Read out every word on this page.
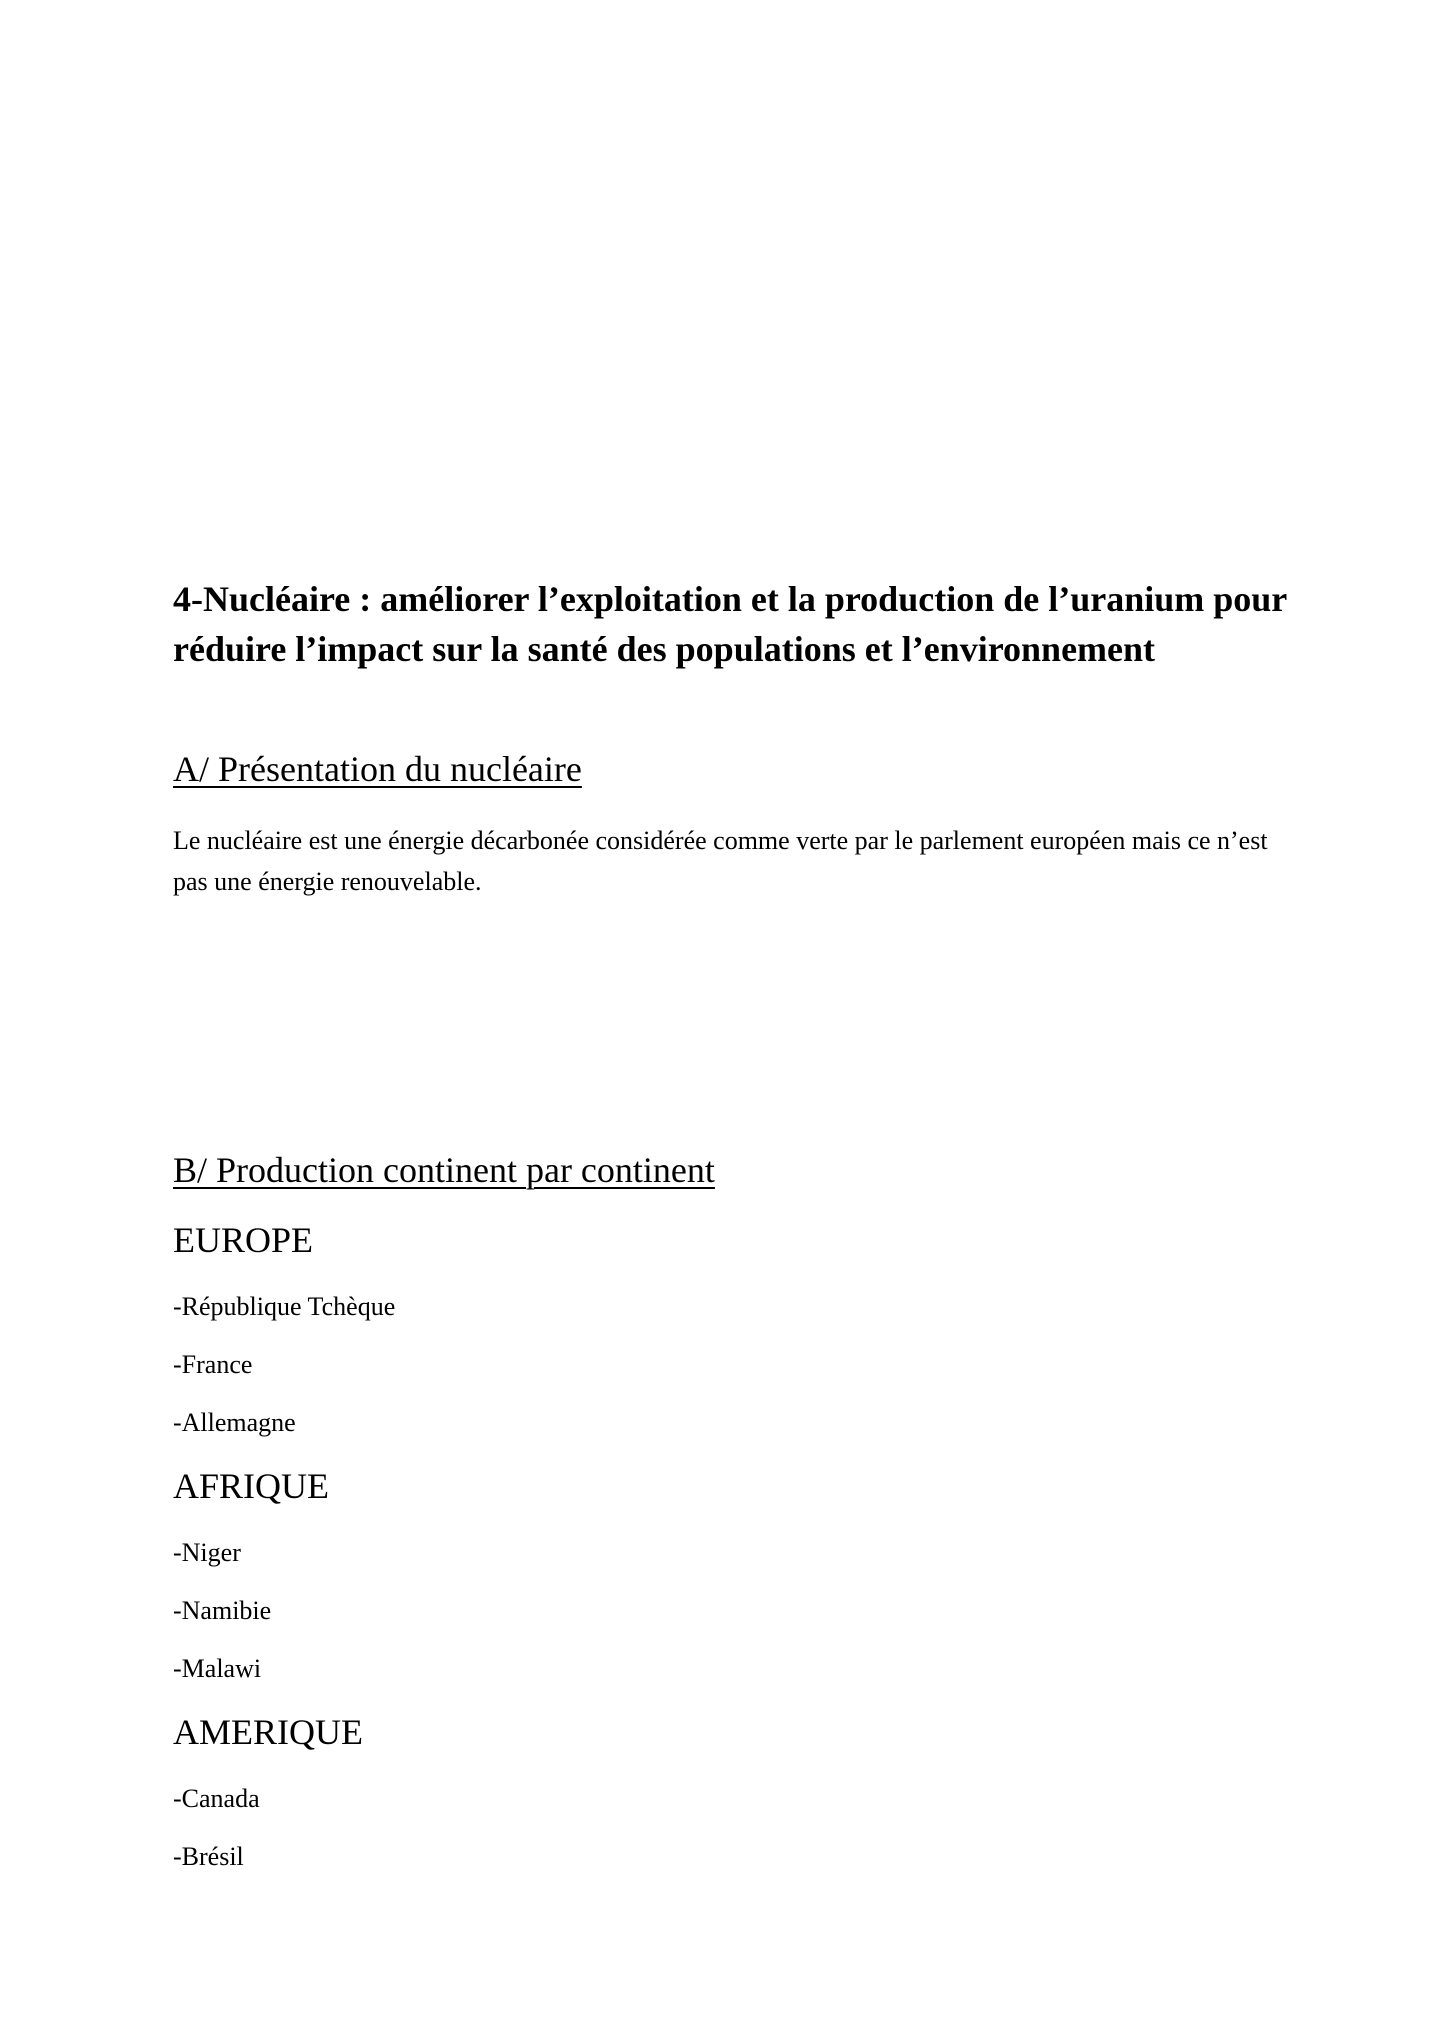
4-Nucléaire : améliorer l’exploitation et la production de l’uranium pour réduire l’impact sur la santé des populations et l’environnement
A/ Présentation du nucléaire

Le nucléaire est une énergie décarbonée considérée comme verte par le parlement européen mais ce n’est pas une énergie renouvelable.

B/ Production continent par continent
EUROPE

-République Tchèque

-France

-Allemagne

AFRIQUE

-Niger

-Namibie

-Malawi

AMERIQUE

-Canada

-Brésil
